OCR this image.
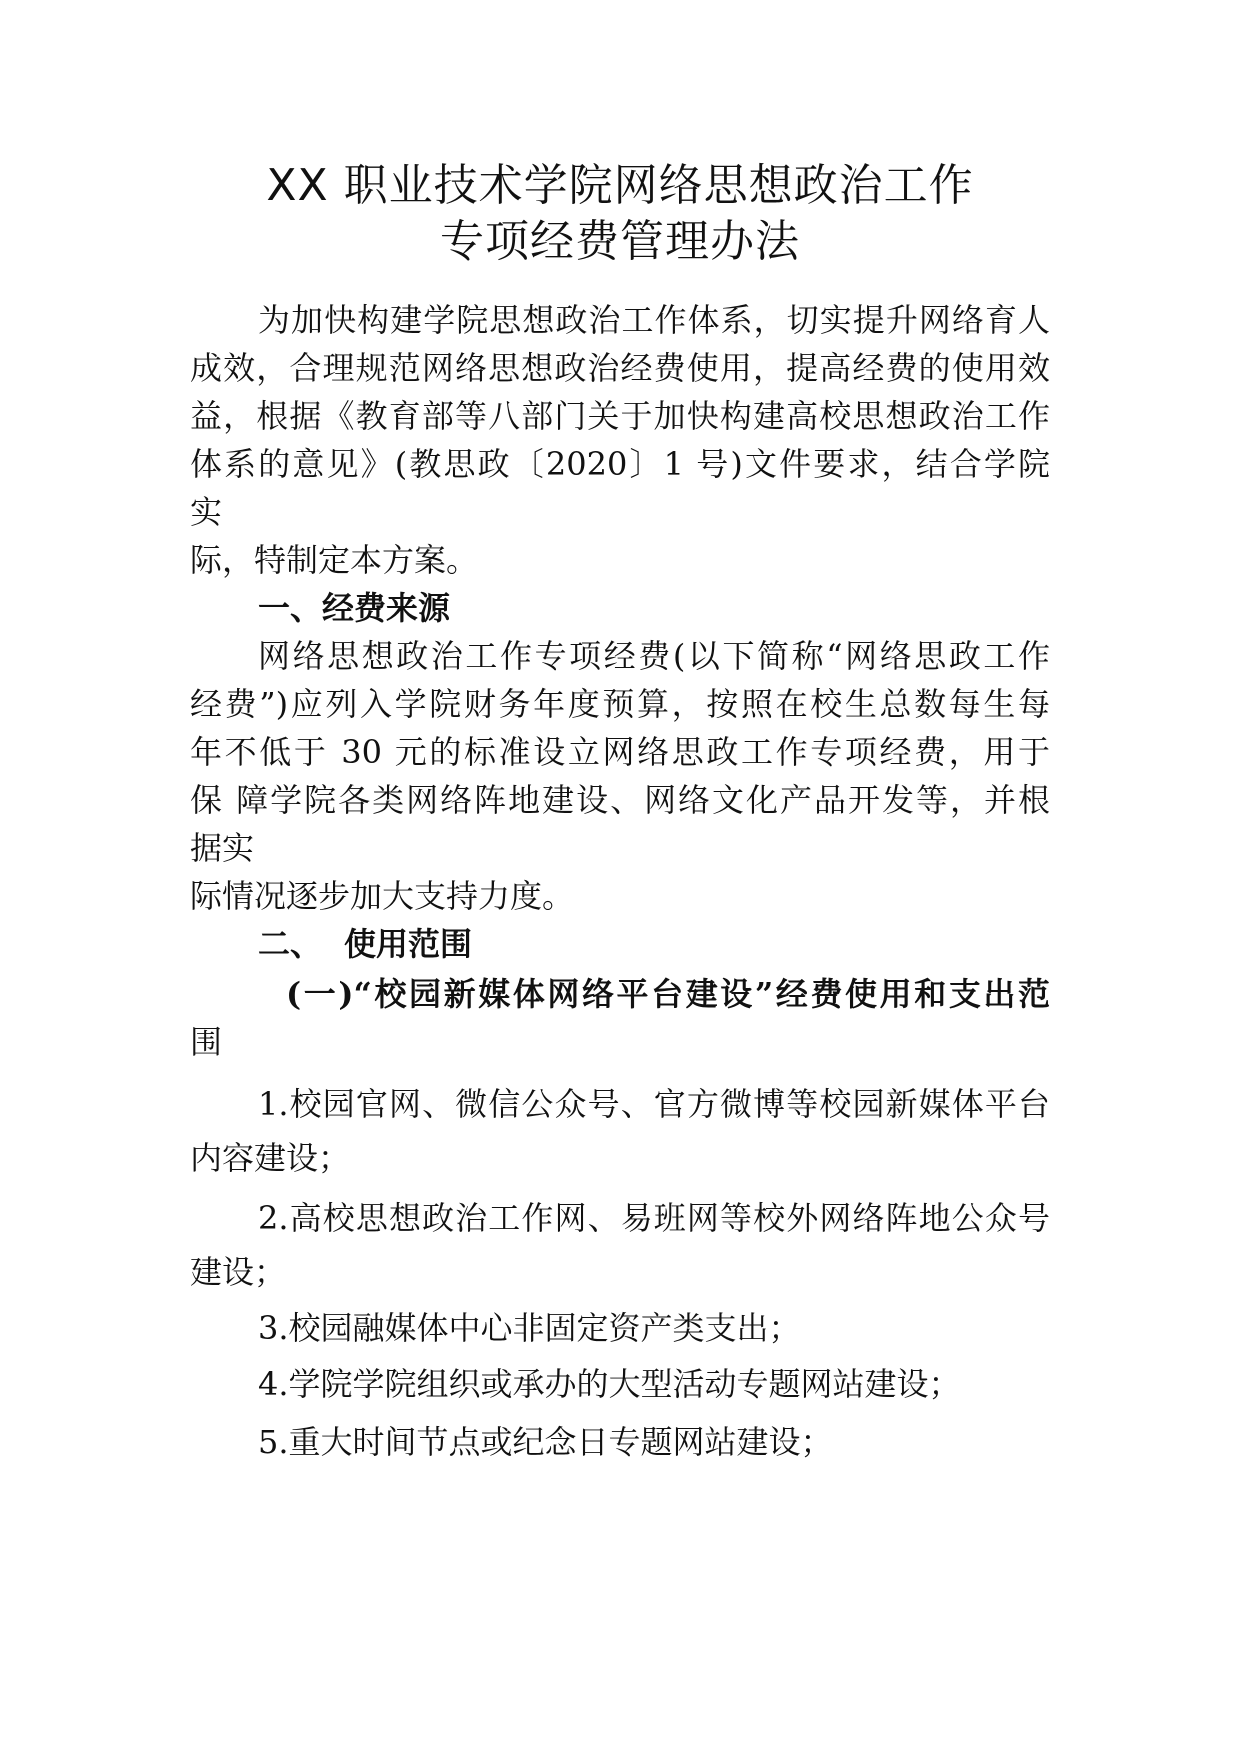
XX 职业技术学院网络思想政治工作
专项经费管理办法
为加快构建学院思想政治工作体系，切实提升网络育人
成效，合理规范网络思想政治经费使用，提高经费的使用效
益，根据《教育部等八部门关于加快构建高校思想政治工作
体系的意见》(教思政〔2020〕1 号)文件要求，结合学院
实
际，特制定本方案。
一、经费来源
网络思想政治工作专项经费(以下简称“网络思政工作
经费”)应列入学院财务年度预算，按照在校生总数每生每
年不低于 30 元的标准设立网络思政工作专项经费，用于
保 障学院各类网络阵地建设、网络文化产品开发等，并根
据实
际情况逐步加大支持力度。
二、 使用范围
(一)“校园新媒体网络平台建设”经费使用和支出范
围
1.校园官网、微信公众号、官方微博等校园新媒体平台
内容建设；
2.高校思想政治工作网、易班网等校外网络阵地公众号
建设；
3.校园融媒体中心非固定资产类支出；
4.学院学院组织或承办的大型活动专题网站建设；
5.重大时间节点或纪念日专题网站建设；
